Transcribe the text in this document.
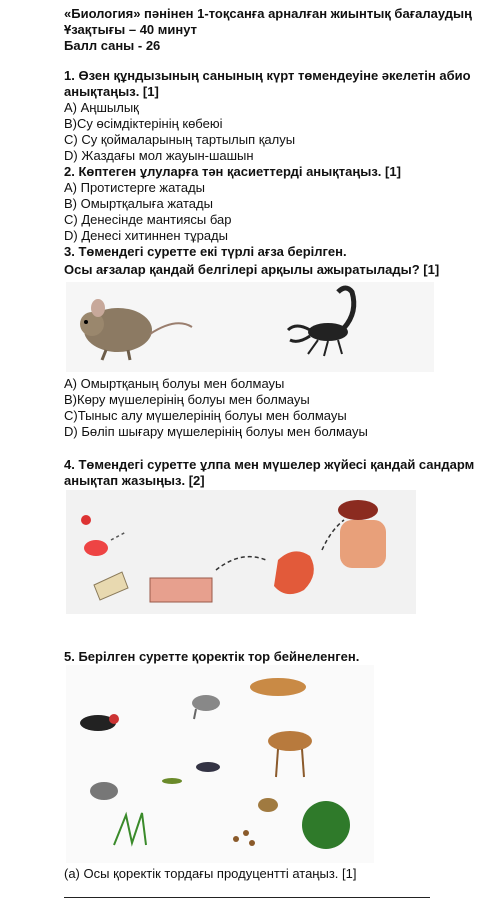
«Биология» пәнінен 1-тоқсанға арналған жиынтық бағалаудың
Ұзақтығы – 40 минут
Балл саны - 26
1. Өзен құндызының санының күрт төмендеуіне әкелетін абио
анықтаңыз. [1]
A) Аңшылық
B)Су өсімдіктерінің көбеюі
C) Су қоймаларының тартылып қалуы
D) Жаздағы мол жауын-шашын
2. Көптеген ұлуларға тән қасиеттерді анықтаңыз. [1]
A) Протистерге жатады
B) Омыртқалыға жатады
C) Денесінде мантиясы бар
D) Денесі хитиннен тұрады
3. Төмендегі суретте екі түрлі ағза берілген.
Осы ағзалар қандай белгілері арқылы ажыратылады? [1]
A) Омыртқаның болуы мен болмауы
B)Көру мүшелерінің болуы мен болмауы
C)Тыныс алу мүшелерінің болуы мен болмауы
D) Бөліп шығару мүшелерінің болуы мен болмауы
4. Төмендегі суретте ұлпа мен мүшелер жүйесі қандай сандарм
анықтап жазыңыз. [2]
5. Берілген суретте қоректік тор бейнеленген.
(a) Осы қоректік тордағы продуцентті атаңыз. [1]
